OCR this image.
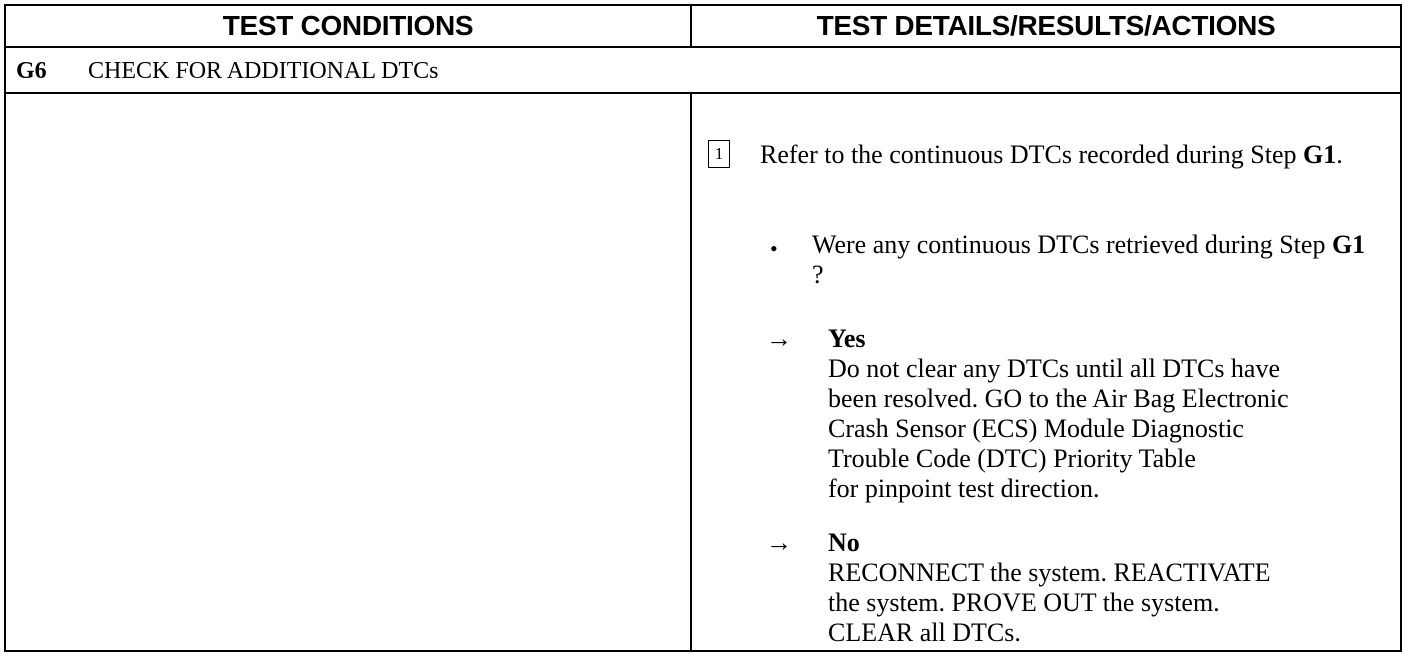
TEST CONDITIONS	TEST DETAILS/RESULTS/ACTIONS
G6 CHECK FOR ADDITIONAL DTCs
1 Refer to the continuous DTCs recorded during Step G1.
• Were any continuous DTCs retrieved during Step G1 ?
→ Yes
Do not clear any DTCs until all DTCs have
been resolved. GO to the Air Bag Electronic
Crash Sensor (ECS) Module Diagnostic
Trouble Code (DTC) Priority Table
for pinpoint test direction.
→ No
RECONNECT the system. REACTIVATE
the system. PROVE OUT the system.
CLEAR all DTCs.
